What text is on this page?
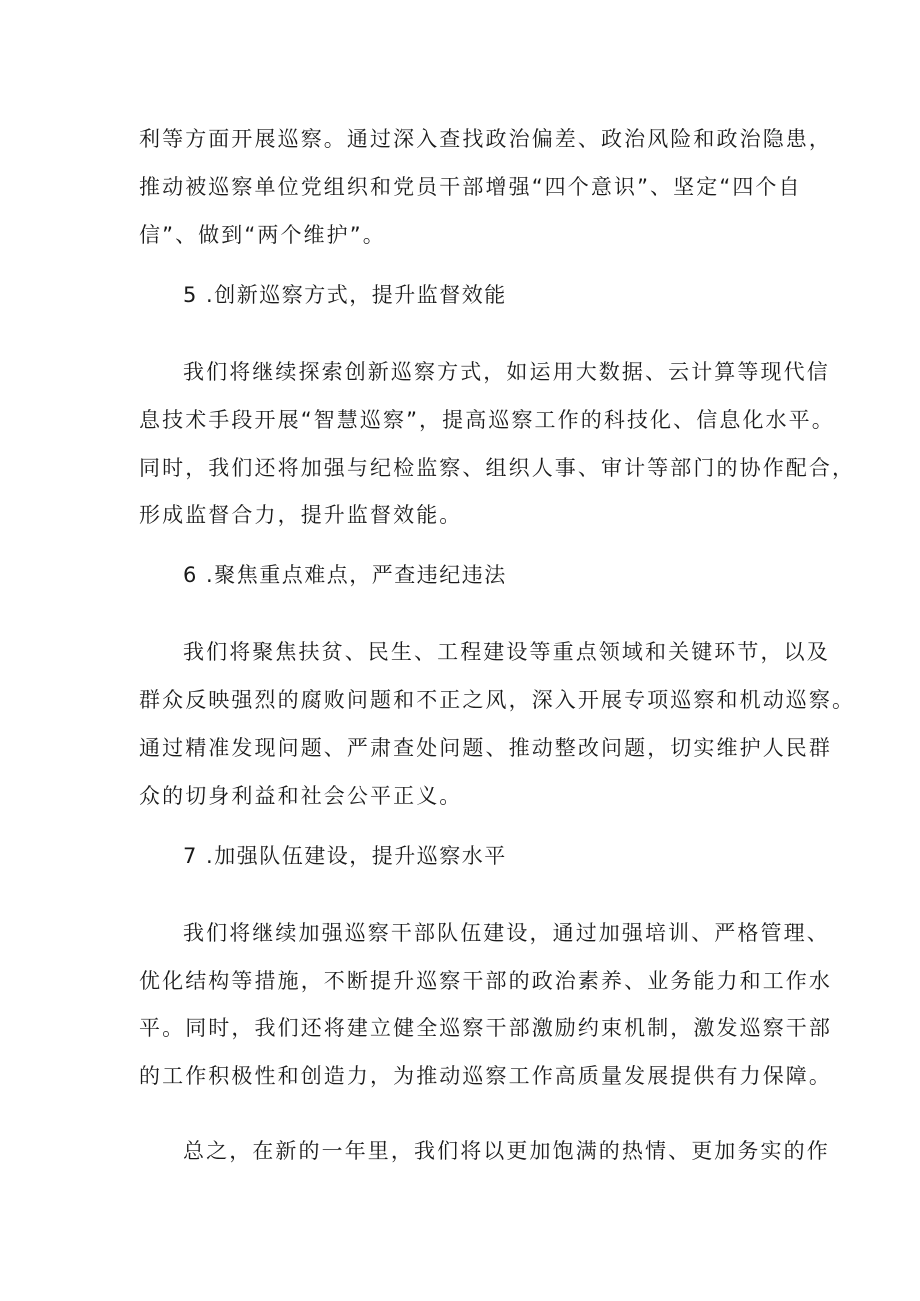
利等方面开展巡察。通过深入查找政治偏差、政治风险和政治隐患，
推动被巡察单位党组织和党员干部增强“四个意识”、坚定“四个自
信”、做到“两个维护”。
5 .创新巡察方式，提升监督效能
我们将继续探索创新巡察方式，如运用大数据、云计算等现代信
息技术手段开展“智慧巡察”，提高巡察工作的科技化、信息化水平。
同时，我们还将加强与纪检监察、组织人事、审计等部门的协作配合，
形成监督合力，提升监督效能。
6 .聚焦重点难点，严查违纪违法
我们将聚焦扶贫、民生、工程建设等重点领域和关键环节，以及
群众反映强烈的腐败问题和不正之风，深入开展专项巡察和机动巡察。
通过精准发现问题、严肃查处问题、推动整改问题，切实维护人民群
众的切身利益和社会公平正义。
7 .加强队伍建设，提升巡察水平
我们将继续加强巡察干部队伍建设，通过加强培训、严格管理、
优化结构等措施，不断提升巡察干部的政治素养、业务能力和工作水
平。同时，我们还将建立健全巡察干部激励约束机制，激发巡察干部
的工作积极性和创造力，为推动巡察工作高质量发展提供有力保障。
总之，在新的一年里，我们将以更加饱满的热情、更加务实的作
